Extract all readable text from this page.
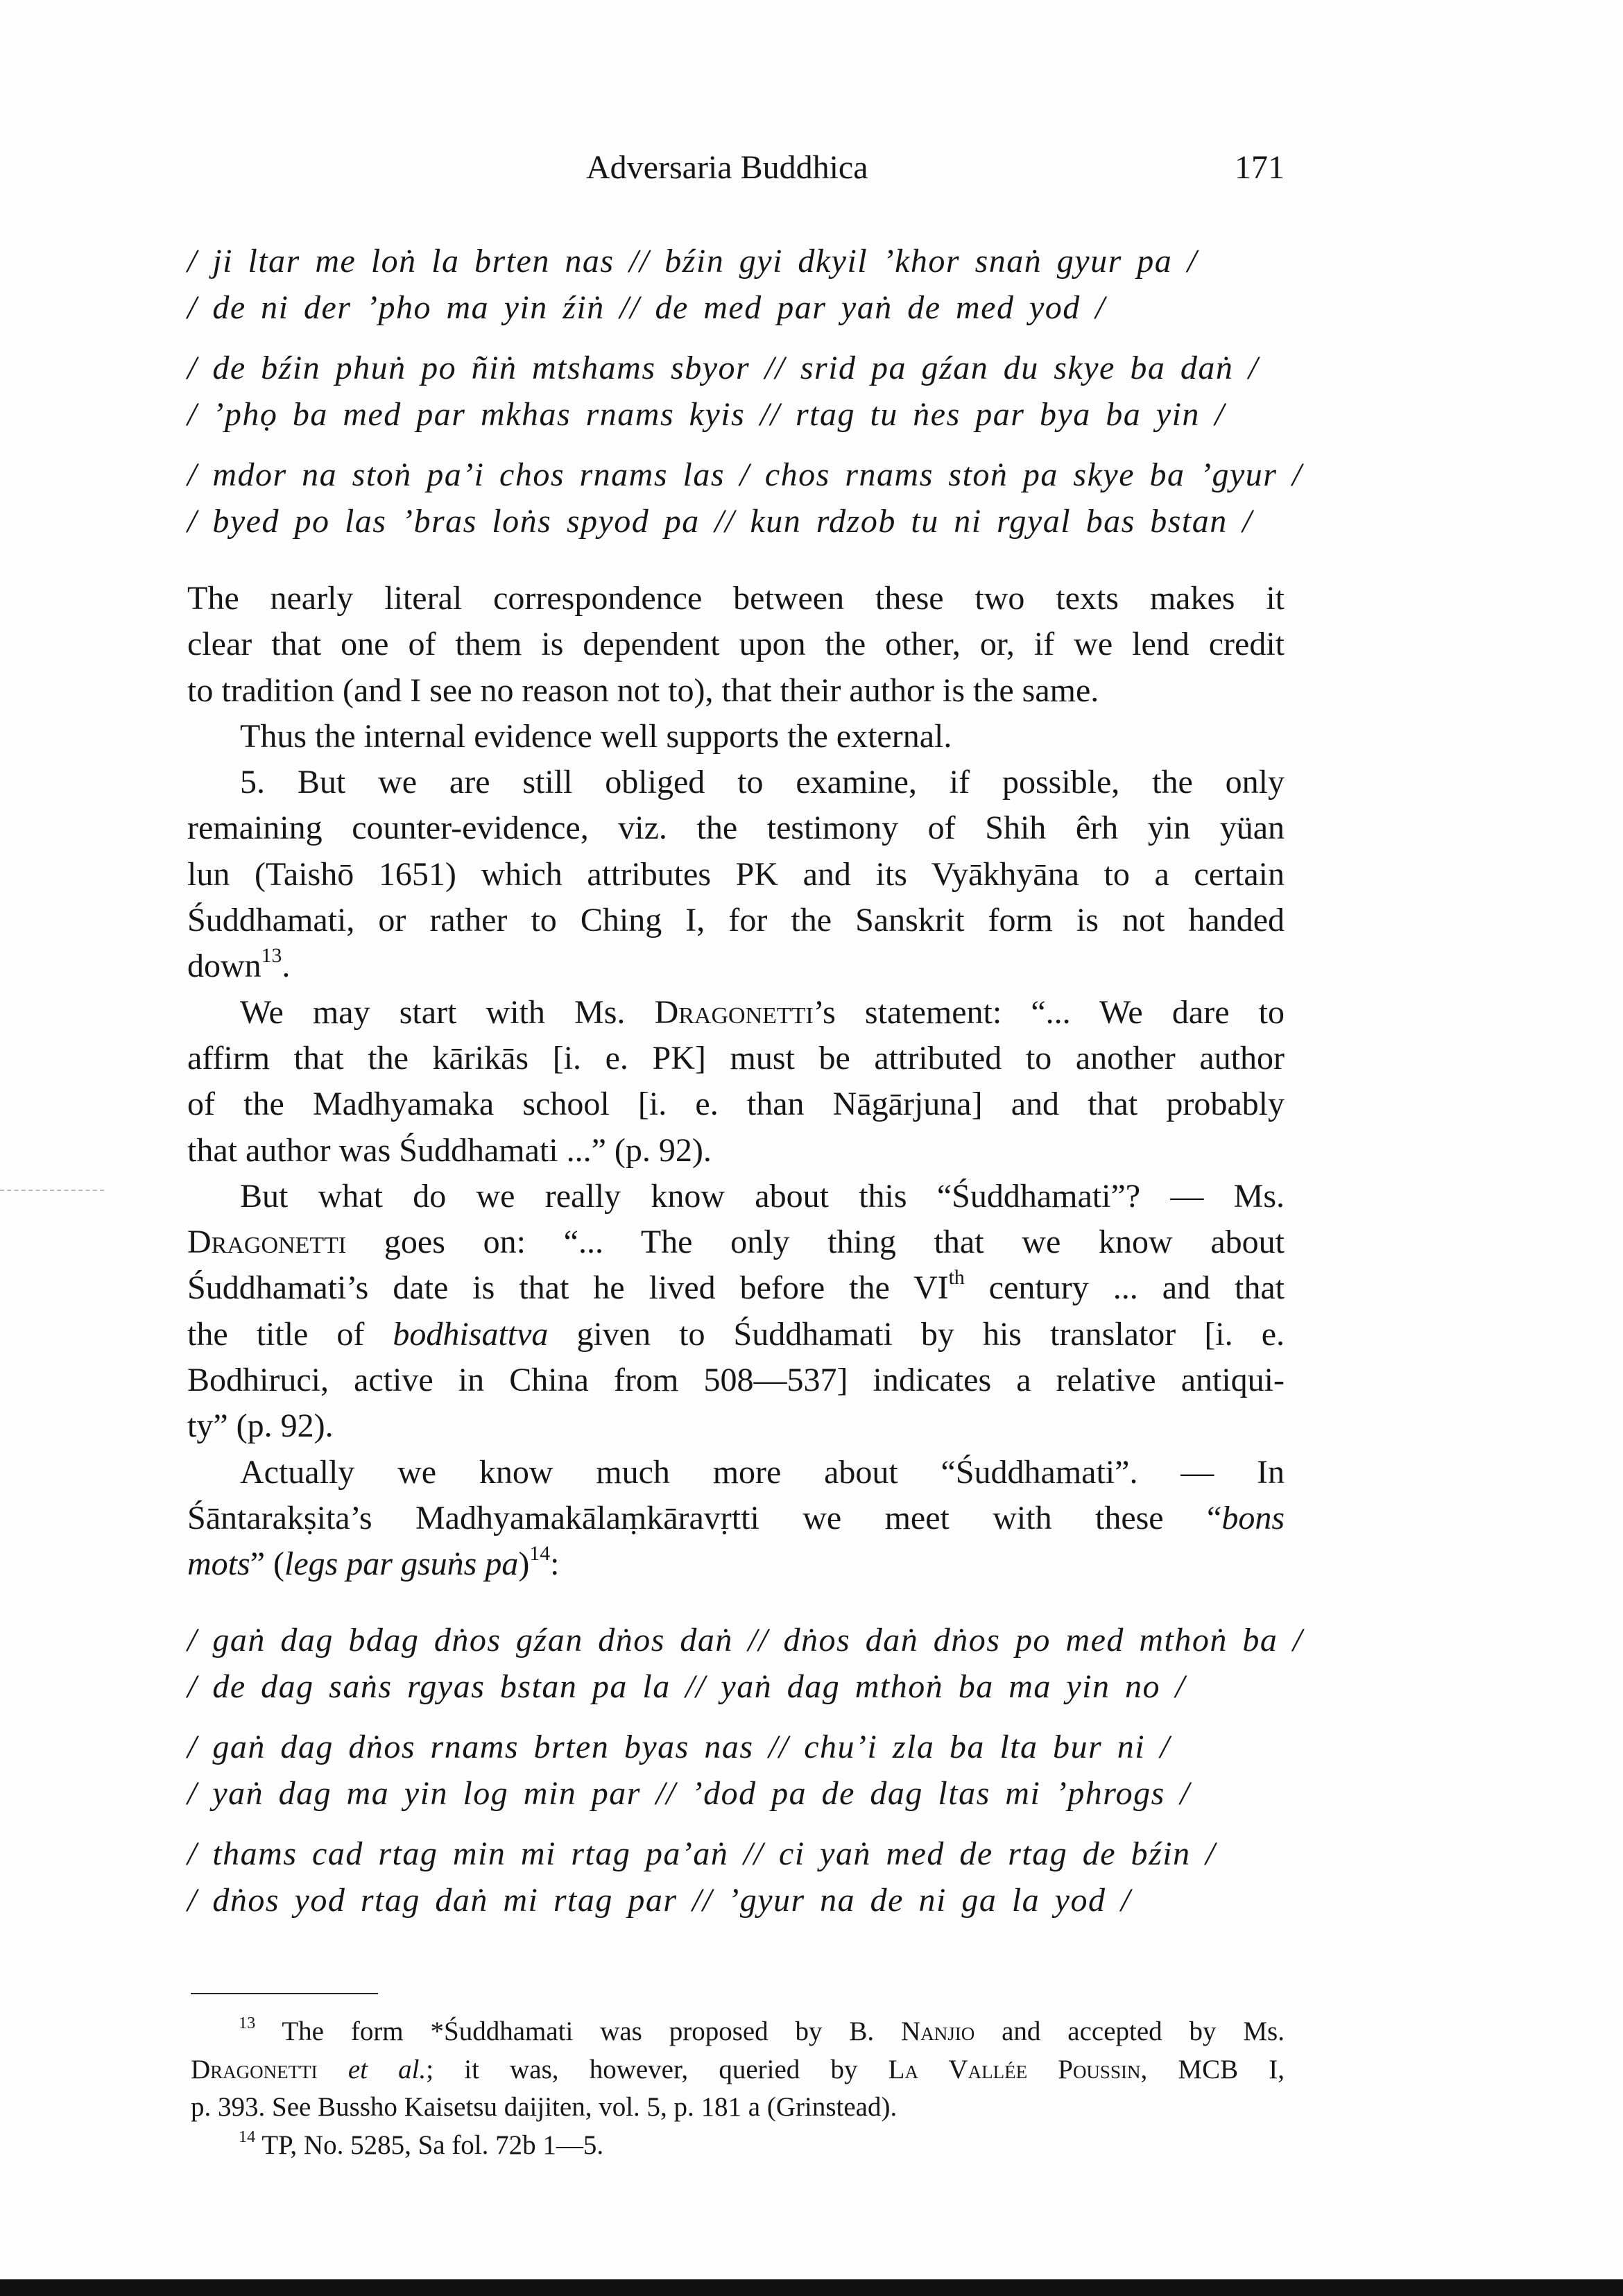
Adversaria Buddhica	171
/ ji ltar me loṅ la brten nas // bźin gyi dkyil ’khor snaṅ gyur pa /
/ de ni der ’pho ma yin źiṅ // de med par yaṅ de med yod /
/ de bźin phuṅ po ñiṅ mtshams sbyor // srid pa gźan du skye ba daṅ /
/ ’phọ ba med par mkhas rnams kyis // rtag tu ṅes par bya ba yin /
/ mdor na stoṅ pa’i chos rnams las / chos rnams stoṅ pa skye ba ’gyur /
/ byed po las ’bras loṅs spyod pa // kun rdzob tu ni rgyal bas bstan /
The nearly literal correspondence between these two texts makes it
clear that one of them is dependent upon the other, or, if we lend credit
to tradition (and I see no reason not to), that their author is the same.
Thus the internal evidence well supports the external.
5. But we are still obliged to examine, if possible, the only
remaining counter-evidence, viz. the testimony of Shih êrh yin yüan
lun (Taishō 1651) which attributes PK and its Vyākhyāna to a certain
Śuddhamati, or rather to Ching I, for the Sanskrit form is not handed
down$^{13}$.
We may start with Ms. Dragonetti’s statement: “... We dare to
affirm that the kārikās [i. e. PK] must be attributed to another author
of the Madhyamaka school [i. e. than Nāgārjuna] and that probably
that author was Śuddhamati ...” (p. 92).
But what do we really know about this “Śuddhamati”? — Ms.
Dragonetti goes on: “... The only thing that we know about
Śuddhamati’s date is that he lived before the VIth century ... and that
the title of bodhisattva given to Śuddhamati by his translator [i. e.
Bodhiruci, active in China from 508—537] indicates a relative antiqui-
ty” (p. 92).
Actually we know much more about “Śuddhamati”. — In
Śāntarakṣita’s Madhyamakālaṃkāravṛtti we meet with these “bons
mots” (legs par gsuṅs pa)$^{14}$:
/ gaṅ dag bdag dṅos gźan dṅos daṅ // dṅos daṅ dṅos po med mthoṅ ba /
/ de dag saṅs rgyas bstan pa la // yaṅ dag mthoṅ ba ma yin no /
/ gaṅ dag dṅos rnams brten byas nas // chu’i zla ba lta bur ni /
/ yaṅ dag ma yin log min par // ’dod pa de dag ltas mi ’phrogs /
/ thams cad rtag min mi rtag pa’aṅ // ci yaṅ med de rtag de bźin /
/ dṅos yod rtag daṅ mi rtag par // ’gyur na de ni ga la yod /
$^{13}$ The form *Śuddhamati was proposed by B. Nanjio and accepted by Ms.
Dragonetti et al.; it was, however, queried by La Vallée Poussin, MCB I,
p. 393. See Bussho Kaisetsu daijiten, vol. 5, p. 181 a (Grinstead).
$^{14}$ TP, No. 5285, Sa fol. 72b 1—5.
